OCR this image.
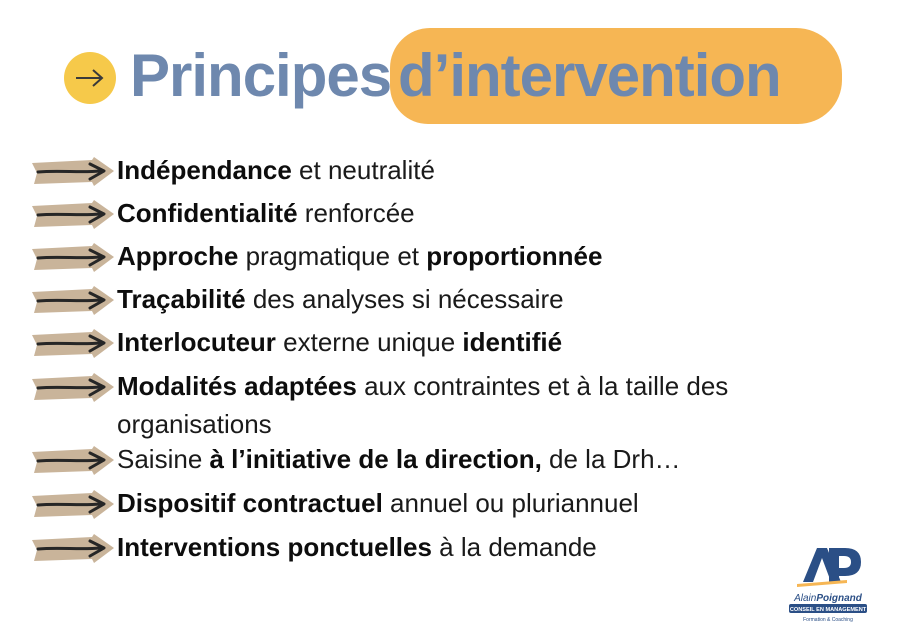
Principes d’intervention
Indépendance et neutralité
Confidentialité renforcée
Approche pragmatique et proportionnée
Traçabilité des analyses si nécessaire
Interlocuteur externe unique identifié
Modalités adaptées aux contraintes et à la taille des
organisations
Saisine à l’initiative de la direction, de la Drh…
Dispositif contractuel annuel ou pluriannuel
Interventions ponctuelles à la demande
AlainPoignand
CONSEIL EN MANAGEMENT
Formation & Coaching
